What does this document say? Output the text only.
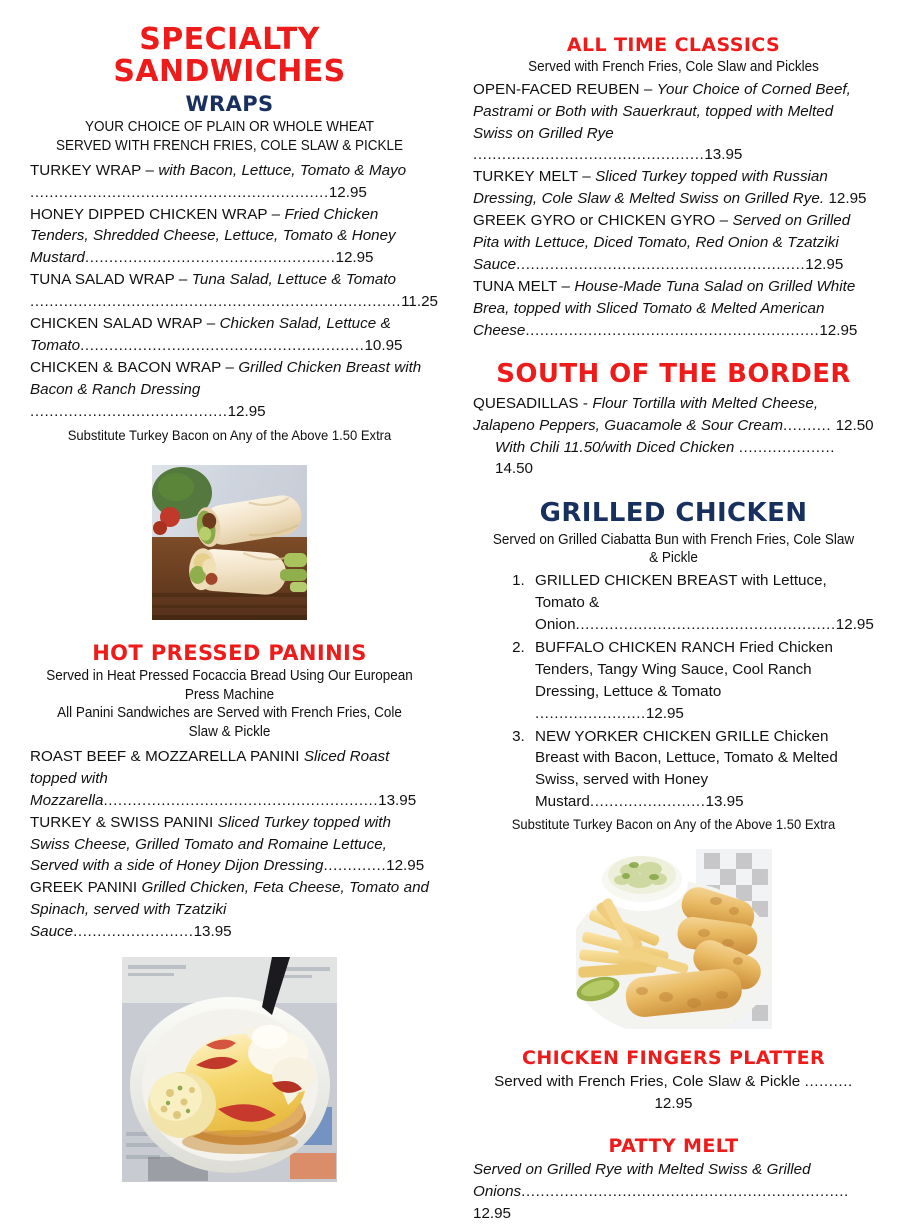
SPECIALTY SANDWICHES
WRAPS
YOUR CHOICE OF PLAIN OR WHOLE WHEAT
SERVED WITH FRENCH FRIES, COLE SLAW & PICKLE
TURKEY WRAP – with Bacon, Lettuce, Tomato & Mayo ..............................................................12.95
HONEY DIPPED CHICKEN WRAP – Fried Chicken Tenders, Shredded Cheese, Lettuce, Tomato & Honey Mustard....................................................12.95
TUNA SALAD WRAP – Tuna Salad, Lettuce & Tomato .............................................................................11.25
CHICKEN SALAD WRAP – Chicken Salad, Lettuce & Tomato...........................................................10.95
CHICKEN & BACON WRAP – Grilled Chicken Breast with Bacon & Ranch Dressing .........................................12.95
Substitute Turkey Bacon on Any of the Above 1.50 Extra
HOT PRESSED PANINIS
Served in Heat Pressed Focaccia Bread Using Our European Press Machine
All Panini Sandwiches are Served with French Fries, Cole Slaw & Pickle
ROAST BEEF & MOZZARELLA PANINI Sliced Roast topped with Mozzarella.........................................................13.95
TURKEY & SWISS PANINI Sliced Turkey topped with Swiss Cheese, Grilled Tomato and Romaine Lettuce, Served with a side of Honey Dijon Dressing.............12.95
GREEK PANINI Grilled Chicken, Feta Cheese, Tomato and Spinach, served with Tzatziki Sauce.........................13.95
ALL TIME CLASSICS
Served with French Fries, Cole Slaw and Pickles
OPEN-FACED REUBEN – Your Choice of Corned Beef, Pastrami or Both with Sauerkraut, topped with Melted Swiss on Grilled Rye ................................................13.95
TURKEY MELT – Sliced Turkey topped with Russian Dressing, Cole Slaw & Melted Swiss on Grilled Rye. 12.95
GREEK GYRO or CHICKEN GYRO – Served on Grilled Pita with Lettuce, Diced Tomato, Red Onion & Tzatziki Sauce............................................................12.95
TUNA MELT – House-Made Tuna Salad on Grilled White Brea, topped with Sliced Tomato & Melted American Cheese.............................................................12.95
SOUTH OF THE BORDER
QUESADILLAS - Flour Tortilla with Melted Cheese, Jalapeno Peppers, Guacamole & Sour Cream.......... 12.50
With Chili 11.50/with Diced Chicken .................... 14.50
GRILLED CHICKEN
Served on Grilled Ciabatta Bun with French Fries, Cole Slaw & Pickle
1. GRILLED CHICKEN BREAST with Lettuce, Tomato & Onion......................................................12.95
2. BUFFALO CHICKEN RANCH Fried Chicken Tenders, Tangy Wing Sauce, Cool Ranch Dressing, Lettuce & Tomato .......................12.95
3. NEW YORKER CHICKEN GRILLE Chicken Breast with Bacon, Lettuce, Tomato & Melted Swiss, served with Honey Mustard........................13.95
Substitute Turkey Bacon on Any of the Above 1.50 Extra
CHICKEN FINGERS PLATTER
Served with French Fries, Cole Slaw & Pickle .......... 12.95
PATTY MELT
Served on Grilled Rye with Melted Swiss & Grilled Onions.................................................................... 12.95
